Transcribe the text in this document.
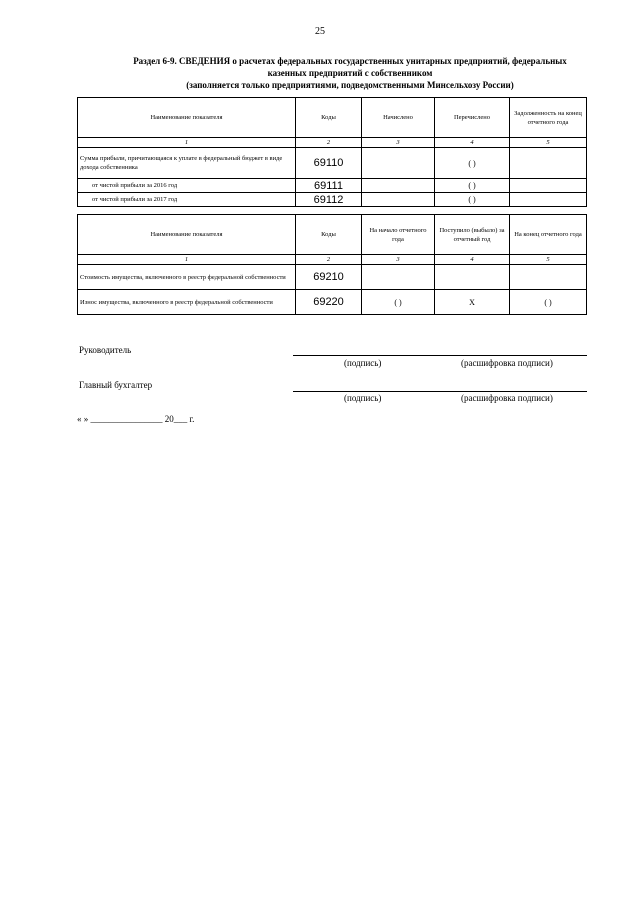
25
Раздел 6-9. СВЕДЕНИЯ о расчетах федеральных государственных унитарных предприятий, федеральных
казенных предприятий с собственником
(заполняется только предприятиями, подведомственными Минсельхозу России)
Наименование показателя	Коды	Начислено	Перечислено	Задолженность на конец отчетного года
1	2	3	4	5
Сумма прибыли, причитающаяся к уплате в федеральный бюджет в виде дохода собственника	69110		( )	
от чистой прибыли за 2016 год	69111		( )	
от чистой прибыли за 2017 год	69112		( )	
Наименование показателя	Коды	На начало отчетного года	Поступило (выбыло) за отчетный год	На конец отчетного года
1	2	3	4	5
Стоимость имущества, включенного в реестр федеральной собственности	69210			
Износ имущества, включенного в реестр федеральной собственности	69220	( )	X	( )
Руководитель
(подпись)	(расшифровка подписи)
Главный бухгалтер
(подпись)	(расшифровка подписи)
« » ________________ 20___ г.
